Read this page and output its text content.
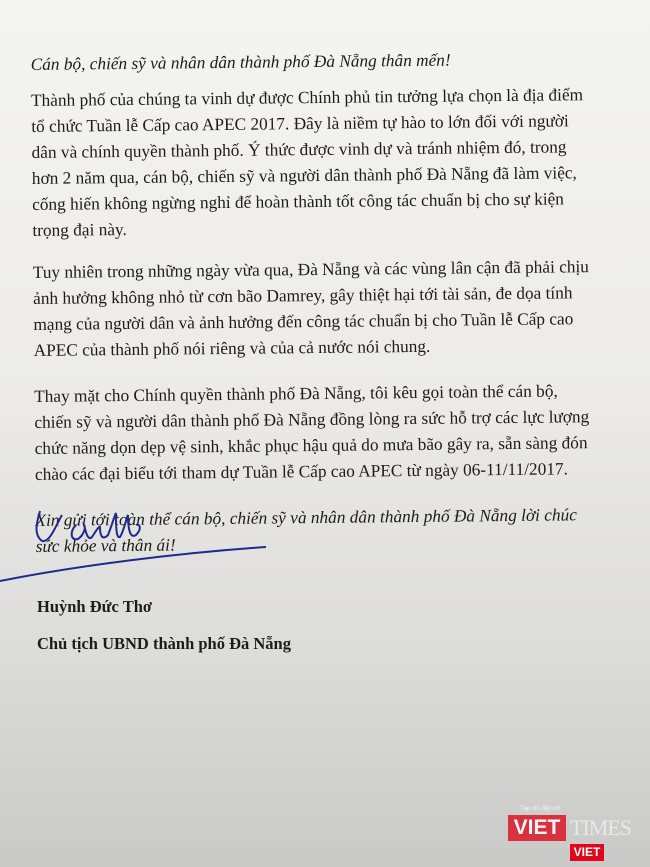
Cán bộ, chiến sỹ và nhân dân thành phố Đà Nẵng thân mến!
Thành phố của chúng ta vinh dự được Chính phủ tin tưởng lựa chọn là địa điểm
tổ chức Tuần lễ Cấp cao APEC 2017. Đây là niềm tự hào to lớn đối với người
dân và chính quyền thành phố. Ý thức được vinh dự và tránh nhiệm đó, trong
hơn 2 năm qua, cán bộ, chiến sỹ và người dân thành phố Đà Nẵng đã làm việc,
cống hiến không ngừng nghỉ để hoàn thành tốt công tác chuẩn bị cho sự kiện
trọng đại này.
Tuy nhiên trong những ngày vừa qua, Đà Nẵng và các vùng lân cận đã phải chịu
ảnh hưởng không nhỏ từ cơn bão Damrey, gây thiệt hại tới tài sản, đe dọa tính
mạng của người dân và ảnh hưởng đến công tác chuẩn bị cho Tuần lễ Cấp cao
APEC của thành phố nói riêng và của cả nước nói chung.
Thay mặt cho Chính quyền thành phố Đà Nẵng, tôi kêu gọi toàn thể cán bộ,
chiến sỹ và người dân thành phố Đà Nẵng đồng lòng ra sức hỗ trợ các lực lượng
chức năng dọn dẹp vệ sinh, khắc phục hậu quả do mưa bão gây ra, sẵn sàng đón
chào các đại biểu tới tham dự Tuần lễ Cấp cao APEC từ ngày 06-11/11/2017.
Xin gửi tới toàn thể cán bộ, chiến sỹ và nhân dân thành phố Đà Nẵng lời chúc
sức khỏe và thân ái!
Huỳnh Đức Thơ
Chủ tịch UBND thành phố Đà Nẵng
Tạp chí điện tử
VIET TIMES
VIET
